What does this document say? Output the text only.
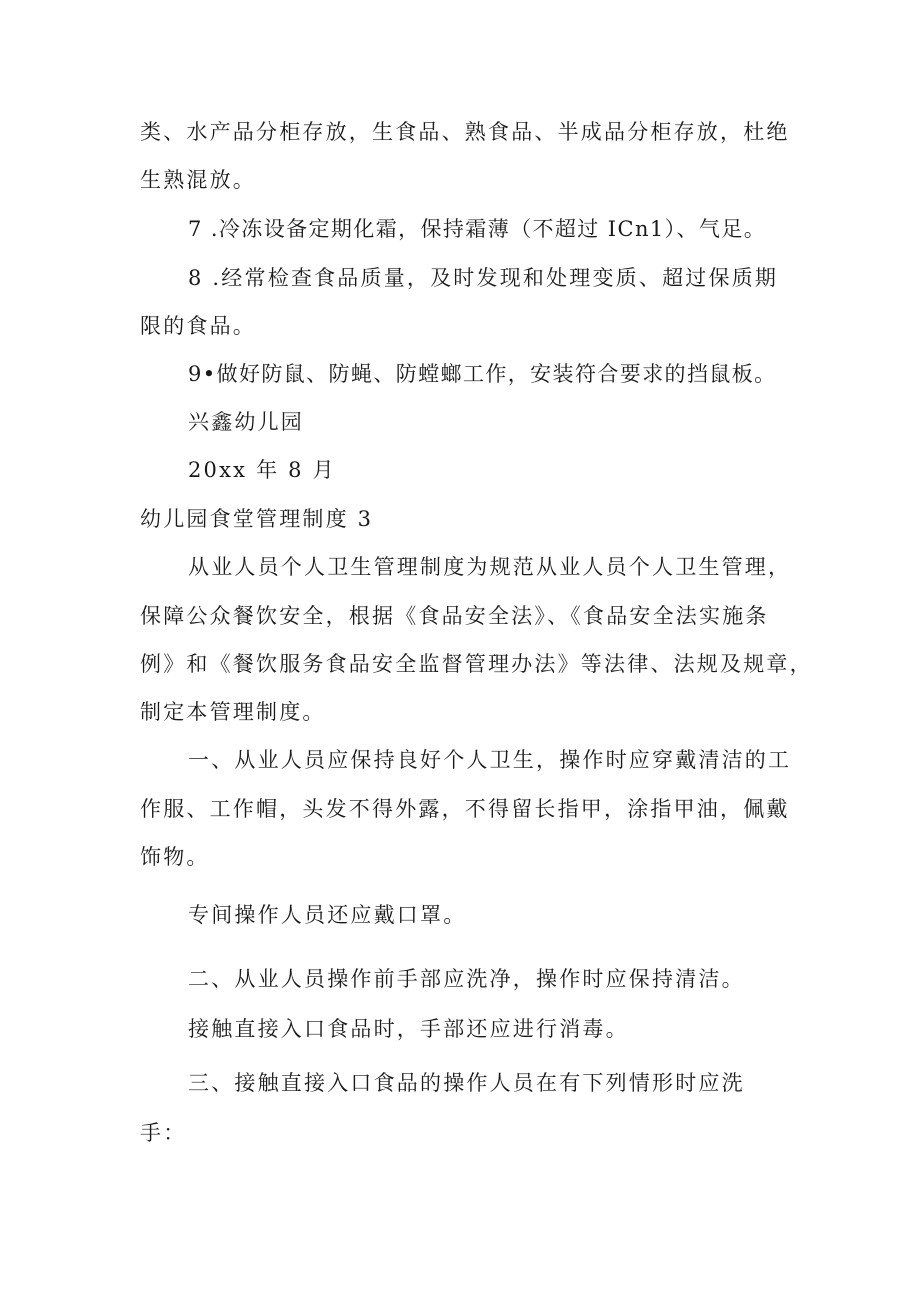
类、水产品分柜存放，生食品、熟食品、半成品分柜存放，杜绝

生熟混放。

7 .冷冻设备定期化霜，保持霜薄（不超过 ICn1）、气足。

8 .经常检查食品质量，及时发现和处理变质、超过保质期

限的食品。

9•做好防鼠、防蝇、防螳螂工作，安装符合要求的挡鼠板。

兴鑫幼儿园

20xx 年 8 月

幼儿园食堂管理制度 3

从业人员个人卫生管理制度为规范从业人员个人卫生管理，

保障公众餐饮安全，根据《食品安全法》、《食品安全法实施条

例》和《餐饮服务食品安全监督管理办法》等法律、法规及规章，

制定本管理制度。

一、从业人员应保持良好个人卫生，操作时应穿戴清洁的工

作服、工作帽，头发不得外露，不得留长指甲，涂指甲油，佩戴

饰物。

专间操作人员还应戴口罩。

二、从业人员操作前手部应洗净，操作时应保持清洁。

接触直接入口食品时，手部还应进行消毒。

三、接触直接入口食品的操作人员在有下列情形时应洗

手：
